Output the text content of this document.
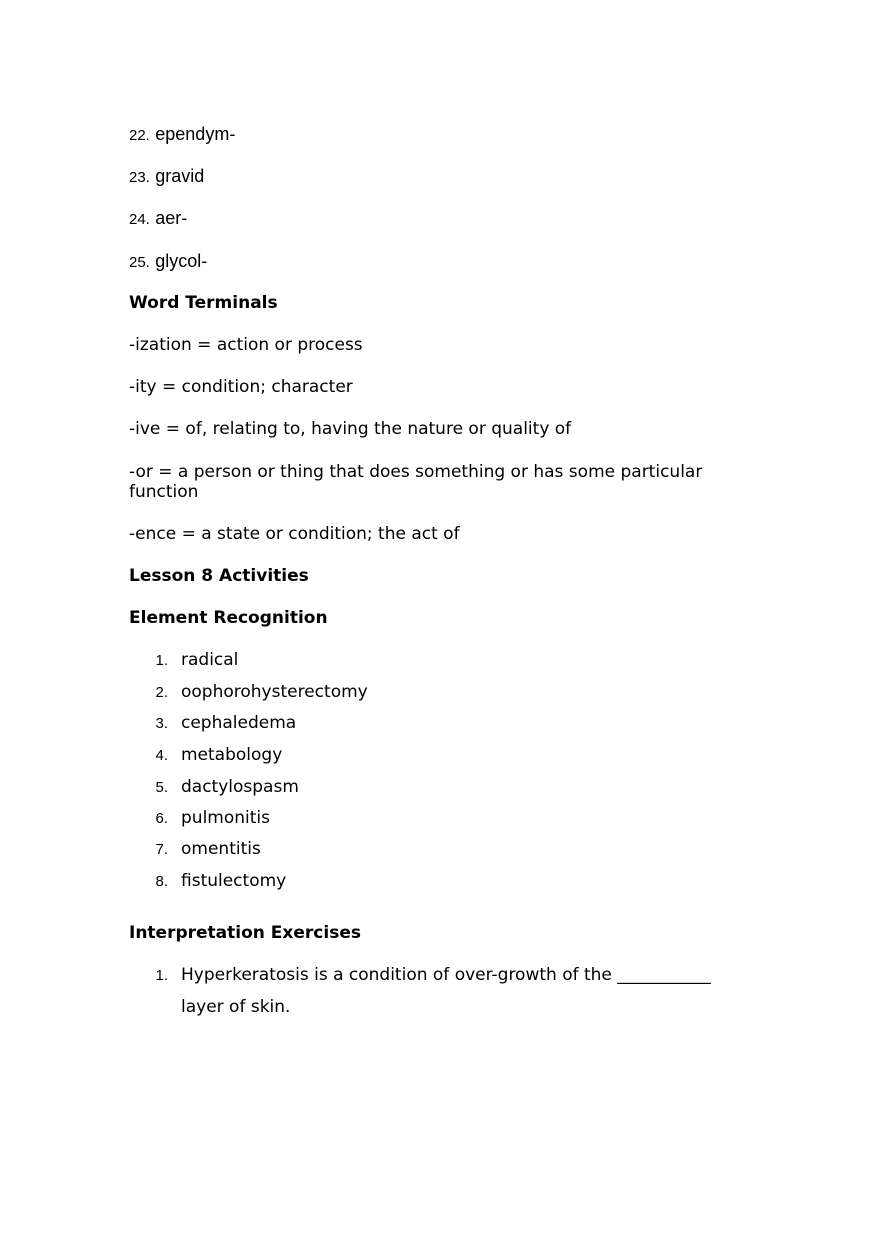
22. ependym-
23. gravid
24. aer-
25. glycol-
Word Terminals
-ization = action or process
-ity = condition; character
-ive = of, relating to, having the nature or quality of
-or = a person or thing that does something or has some particular function
-ence = a state or condition; the act of
Lesson 8 Activities
Element Recognition
1. radical
2. oophorohysterectomy
3. cephaledema
4. metabology
5. dactylospasm
6. pulmonitis
7. omentitis
8. fistulectomy
Interpretation Exercises
1. Hyperkeratosis is a condition of over-growth of the ___________
layer of skin.
